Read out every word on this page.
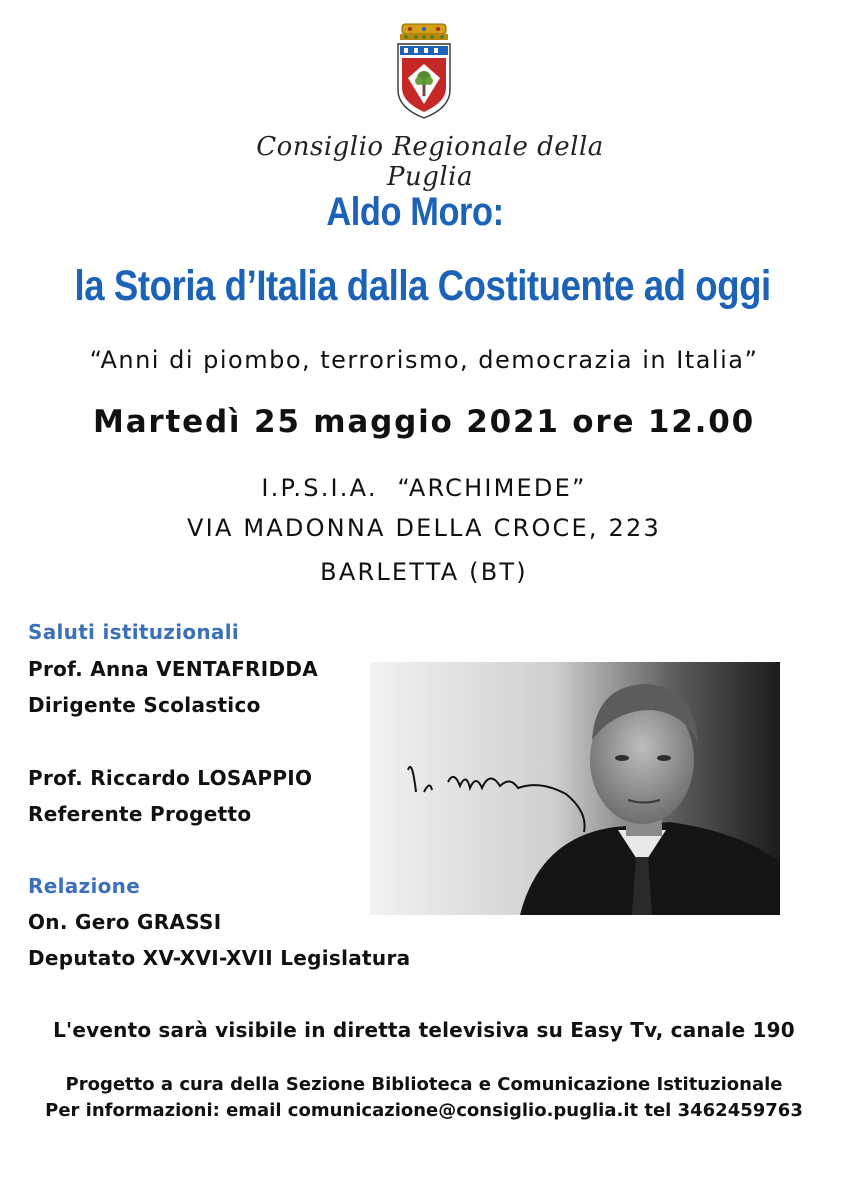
Consiglio Regionale della Puglia
Aldo Moro:
la Storia d’Italia dalla Costituente ad oggi
“Anni di piombo, terrorismo, democrazia in Italia”
Martedì 25 maggio 2021 ore 12.00
I.P.S.I.A.  “ARCHIMEDE”
VIA MADONNA DELLA CROCE, 223
BARLETTA (BT)
Saluti istituzionali
Prof. Anna VENTAFRIDDA
Dirigente Scolastico
Prof. Riccardo LOSAPPIO
Referente Progetto
Relazione
On. Gero GRASSI
Deputato XV-XVI-XVII Legislatura
L'evento sarà visibile in diretta televisiva su Easy Tv, canale 190
Progetto a cura della Sezione Biblioteca e Comunicazione Istituzionale
Per informazioni: email comunicazione@consiglio.puglia.it tel 3462459763
